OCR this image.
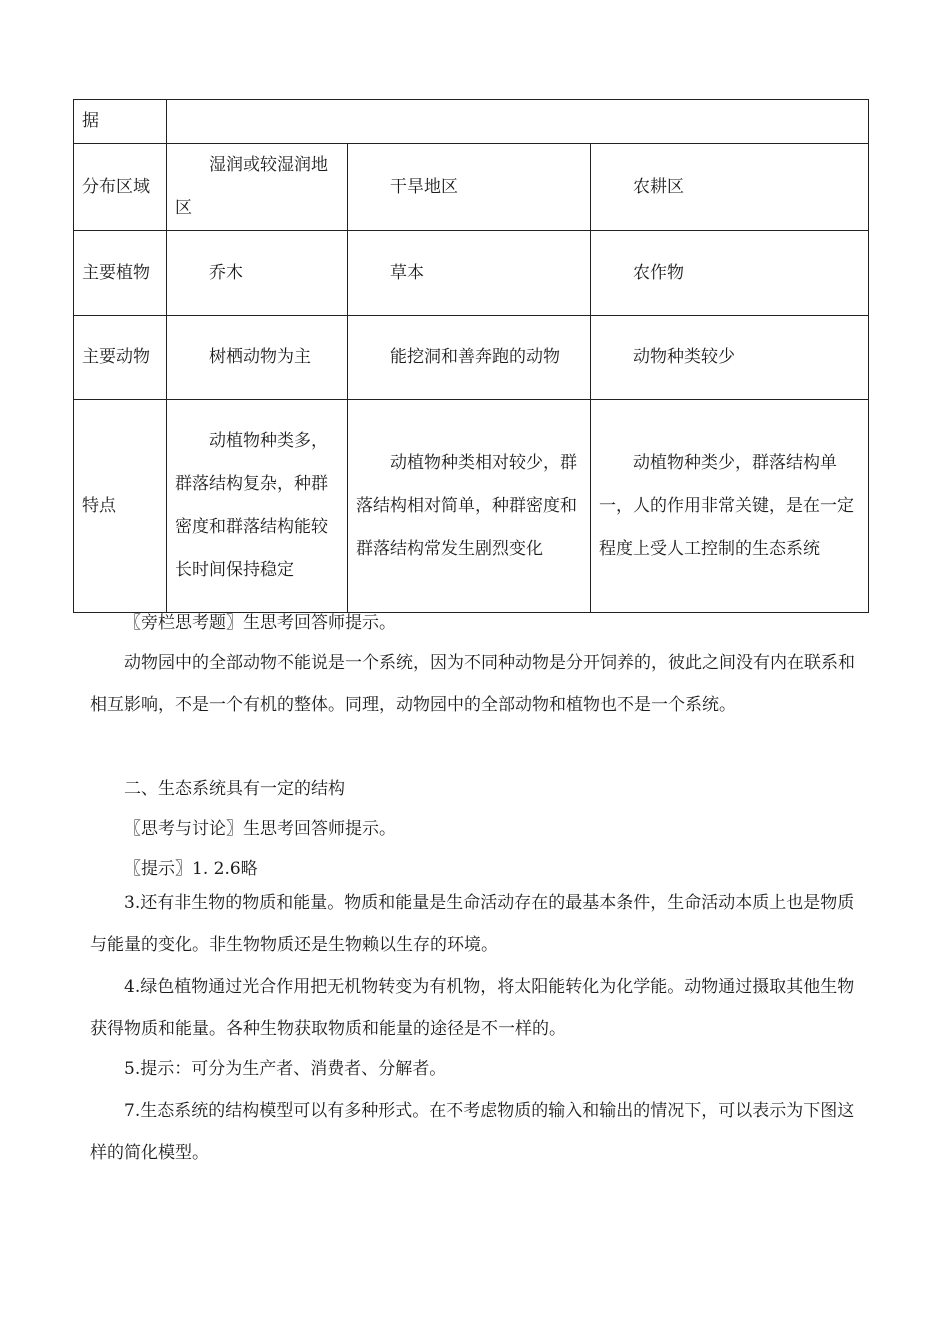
据			
分布区域	湿润或较湿润地区	干旱地区	农耕区
主要植物	乔木	草本	农作物
主要动物	树栖动物为主	能挖洞和善奔跑的动物	动物种类较少
特点	动植物种类多，群落结构复杂，种群密度和群落结构能较长时间保持稳定	动植物种类相对较少，群落结构相对简单，种群密度和群落结构常发生剧烈变化	动植物种类少，群落结构单一，人的作用非常关键，是在一定程度上受人工控制的生态系统

〖旁栏思考题〗生思考回答师提示。

动物园中的全部动物不能说是一个系统，因为不同种动物是分开饲养的，彼此之间没有内在联系和相互影响，不是一个有机的整体。同理，动物园中的全部动物和植物也不是一个系统。

二、生态系统具有一定的结构

〖思考与讨论〗生思考回答师提示。

〖提示〗1. 2.6略

3.还有非生物的物质和能量。物质和能量是生命活动存在的最基本条件，生命活动本质上也是物质与能量的变化。非生物物质还是生物赖以生存的环境。

4.绿色植物通过光合作用把无机物转变为有机物，将太阳能转化为化学能。动物通过摄取其他生物获得物质和能量。各种生物获取物质和能量的途径是不一样的。

5.提示：可分为生产者、消费者、分解者。

7.生态系统的结构模型可以有多种形式。在不考虑物质的输入和输出的情况下，可以表示为下图这样的简化模型。
